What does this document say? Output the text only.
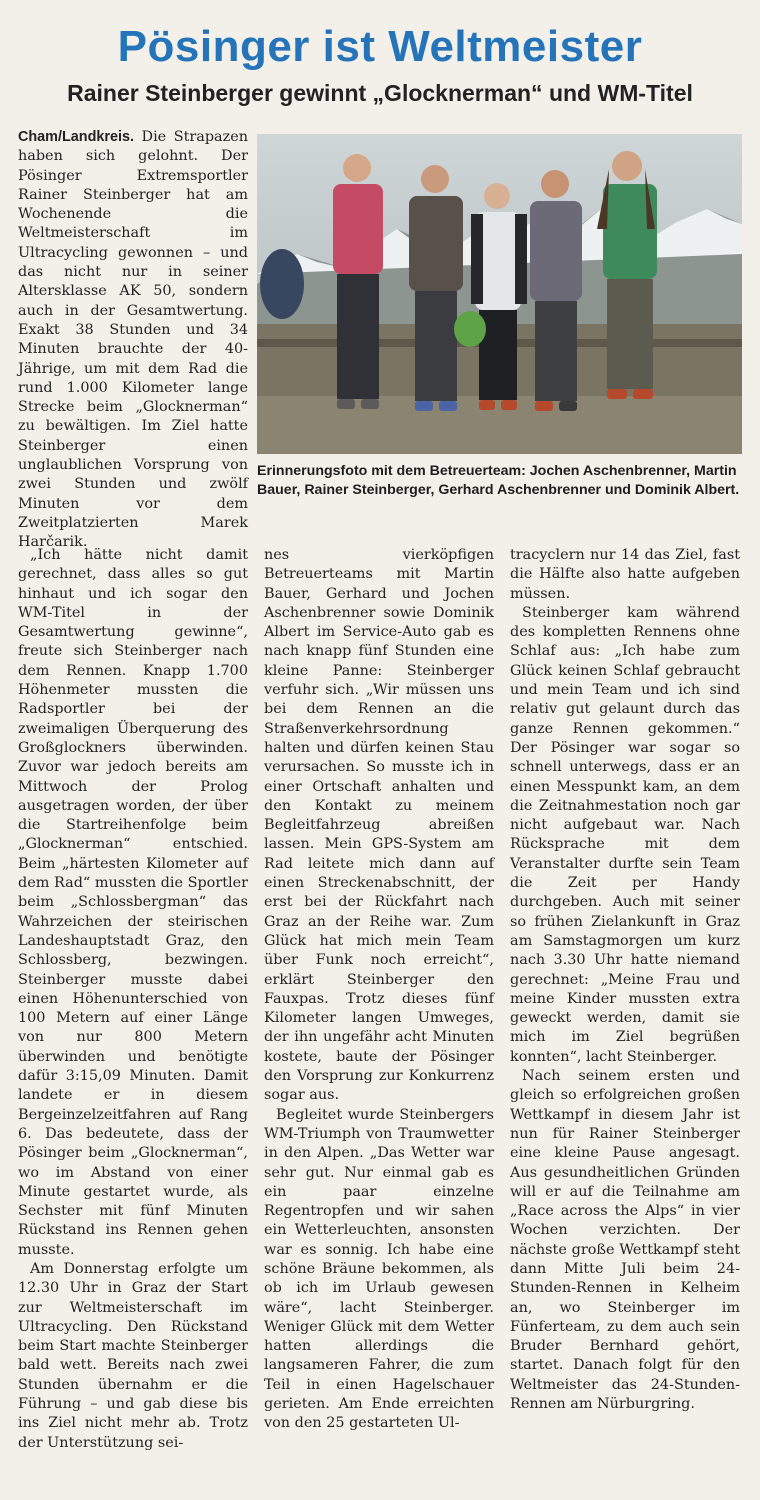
Pösinger ist Weltmeister
Rainer Steinberger gewinnt „Glocknerman“ und WM-Titel

Cham/Landkreis. Die Strapazen haben sich gelohnt. Der Pösinger Extremsportler Rainer Steinberger hat am Wochenende die Weltmeisterschaft im Ultracycling gewonnen – und das nicht nur in seiner Altersklasse AK 50, sondern auch in der Gesamtwertung. Exakt 38 Stunden und 34 Minuten brauchte der 40-Jährige, um mit dem Rad die rund 1.000 Kilometer lange Strecke beim „Glocknerman“ zu bewältigen. Im Ziel hatte Steinberger einen unglaublichen Vorsprung von zwei Stunden und zwölf Minuten vor dem Zweitplatzierten Marek Harčarik.

Erinnerungsfoto mit dem Betreuerteam: Jochen Aschenbrenner, Martin Bauer, Rainer Steinberger, Gerhard Aschenbrenner und Dominik Albert.

„Ich hätte nicht damit gerechnet, dass alles so gut hinhaut und ich sogar den WM-Titel in der Gesamtwertung gewinne“, freute sich Steinberger nach dem Rennen. Knapp 1.700 Höhenmeter mussten die Radsportler bei der zweimaligen Überquerung des Großglockners überwinden. Zuvor war jedoch bereits am Mittwoch der Prolog ausgetragen worden, der über die Startreihenfolge beim „Glocknerman“ entschied. Beim „härtesten Kilometer auf dem Rad“ mussten die Sportler beim „Schlossbergman“ das Wahrzeichen der steirischen Landeshauptstadt Graz, den Schlossberg, bezwingen. Steinberger musste dabei einen Höhenunterschied von 100 Metern auf einer Länge von nur 800 Metern überwinden und benötigte dafür 3:15,09 Minuten. Damit landete er in diesem Bergeinzelzeitfahren auf Rang 6. Das bedeutete, dass der Pösinger beim „Glocknerman“, wo im Abstand von einer Minute gestartet wurde, als Sechster mit fünf Minuten Rückstand ins Rennen gehen musste.

Am Donnerstag erfolgte um 12.30 Uhr in Graz der Start zur Weltmeisterschaft im Ultracycling. Den Rückstand beim Start machte Steinberger bald wett. Bereits nach zwei Stunden übernahm er die Führung – und gab diese bis ins Ziel nicht mehr ab. Trotz der Unterstützung sei-

nes vierköpfigen Betreuerteams mit Martin Bauer, Gerhard und Jochen Aschenbrenner sowie Dominik Albert im Service-Auto gab es nach knapp fünf Stunden eine kleine Panne: Steinberger verfuhr sich. „Wir müssen uns bei dem Rennen an die Straßenverkehrsordnung halten und dürfen keinen Stau verursachen. So musste ich in einer Ortschaft anhalten und den Kontakt zu meinem Begleitfahrzeug abreißen lassen. Mein GPS-System am Rad leitete mich dann auf einen Streckenabschnitt, der erst bei der Rückfahrt nach Graz an der Reihe war. Zum Glück hat mich mein Team über Funk noch erreicht“, erklärt Steinberger den Fauxpas. Trotz dieses fünf Kilometer langen Umweges, der ihn ungefähr acht Minuten kostete, baute der Pösinger den Vorsprung zur Konkurrenz sogar aus.

Begleitet wurde Steinbergers WM-Triumph von Traumwetter in den Alpen. „Das Wetter war sehr gut. Nur einmal gab es ein paar einzelne Regentropfen und wir sahen ein Wetterleuchten, ansonsten war es sonnig. Ich habe eine schöne Bräune bekommen, als ob ich im Urlaub gewesen wäre“, lacht Steinberger. Weniger Glück mit dem Wetter hatten allerdings die langsameren Fahrer, die zum Teil in einen Hagelschauer gerieten. Am Ende erreichten von den 25 gestarteten Ul-

tracyclern nur 14 das Ziel, fast die Hälfte also hatte aufgeben müssen.

Steinberger kam während des kompletten Rennens ohne Schlaf aus: „Ich habe zum Glück keinen Schlaf gebraucht und mein Team und ich sind relativ gut gelaunt durch das ganze Rennen gekommen.“ Der Pösinger war sogar so schnell unterwegs, dass er an einen Messpunkt kam, an dem die Zeitnahmestation noch gar nicht aufgebaut war. Nach Rücksprache mit dem Veranstalter durfte sein Team die Zeit per Handy durchgeben. Auch mit seiner so frühen Zielankunft in Graz am Samstagmorgen um kurz nach 3.30 Uhr hatte niemand gerechnet: „Meine Frau und meine Kinder mussten extra geweckt werden, damit sie mich im Ziel begrüßen konnten“, lacht Steinberger.

Nach seinem ersten und gleich so erfolgreichen großen Wettkampf in diesem Jahr ist nun für Rainer Steinberger eine kleine Pause angesagt. Aus gesundheitlichen Gründen will er auf die Teilnahme am „Race across the Alps“ in vier Wochen verzichten. Der nächste große Wettkampf steht dann Mitte Juli beim 24-Stunden-Rennen in Kelheim an, wo Steinberger im Fünferteam, zu dem auch sein Bruder Bernhard gehört, startet. Danach folgt für den Weltmeister das 24-Stunden-Rennen am Nürburgring.
